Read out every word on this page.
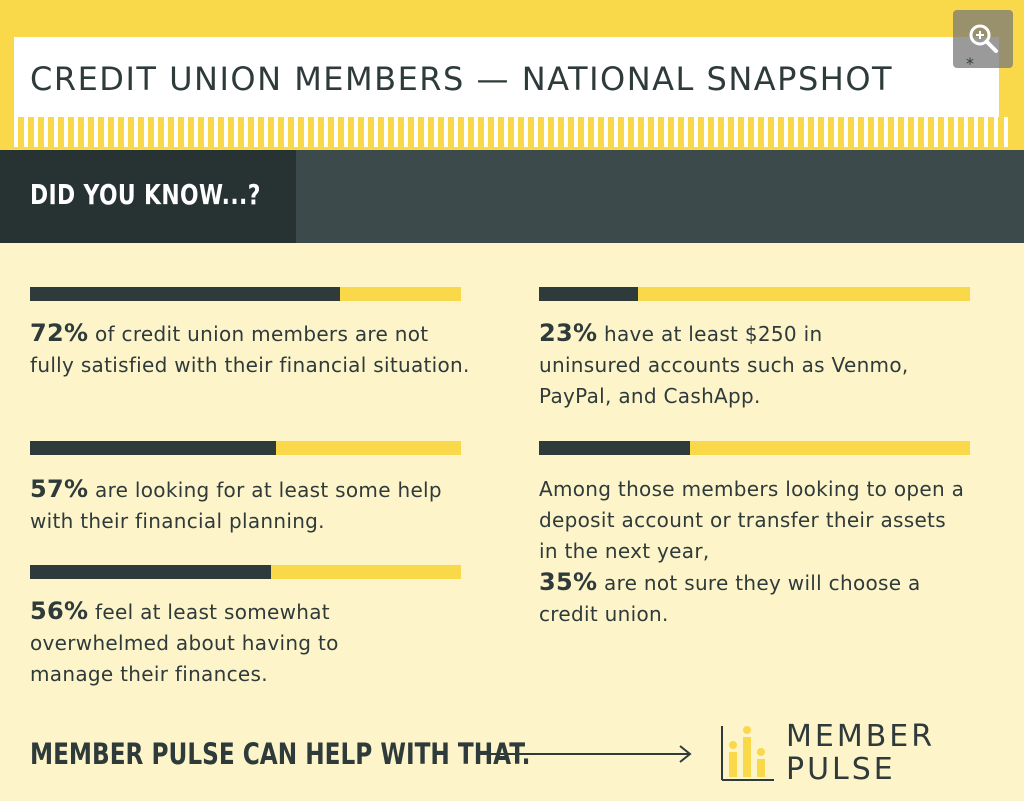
CREDIT UNION MEMBERS — NATIONAL SNAPSHOT	*
DID YOU KNOW...?

72% of credit union members are not fully satisfied with their financial situation.

57% are looking for at least some help with their financial planning.

56% feel at least somewhat overwhelmed about having to manage their finances.

23% have at least $250 in uninsured accounts such as Venmo, PayPal, and CashApp.

Among those members looking to open a deposit account or transfer their assets in the next year,
35% are not sure they will choose a credit union.

MEMBER PULSE CAN HELP WITH THAT.	MEMBER
PULSE
